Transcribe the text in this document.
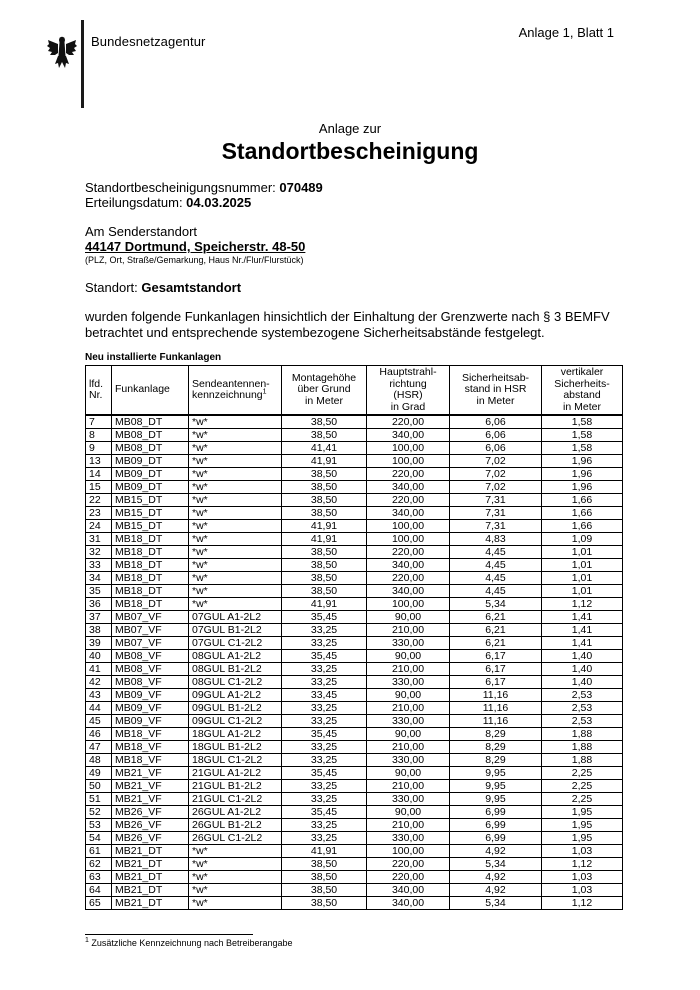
Bundesnetzagentur
Anlage 1, Blatt 1
Anlage zur
Standortbescheinigung
Standortbescheinigungsnummer: 070489
Erteilungsdatum: 04.03.2025
Am Senderstandort
44147 Dortmund, Speicherstr. 48-50
(PLZ, Ort, Straße/Gemarkung, Haus Nr./Flur/Flurstück)
Standort: Gesamtstandort
wurden folgende Funkanlagen hinsichtlich der Einhaltung der Grenzwerte nach § 3 BEMFV betrachtet und entsprechende systembezogene Sicherheitsabstände festgelegt.
Neu installierte Funkanlagen
lfd.
Nr.	Funkanlage	Sendeantennen-
kennzeichnung$^1$	Montagehöhe
über Grund
in Meter	Hauptstrahl-
richtung
(HSR)
in Grad	Sicherheitsab-
stand in HSR
in Meter	vertikaler
Sicherheits-
abstand
in Meter
7	MB08_DT	*w*	38,50	220,00	6,06	1,58
8	MB08_DT	*w*	38,50	340,00	6,06	1,58
9	MB08_DT	*w*	41,41	100,00	6,06	1,58
13	MB09_DT	*w*	41,91	100,00	7,02	1,96
14	MB09_DT	*w*	38,50	220,00	7,02	1,96
15	MB09_DT	*w*	38,50	340,00	7,02	1,96
22	MB15_DT	*w*	38,50	220,00	7,31	1,66
23	MB15_DT	*w*	38,50	340,00	7,31	1,66
24	MB15_DT	*w*	41,91	100,00	7,31	1,66
31	MB18_DT	*w*	41,91	100,00	4,83	1,09
32	MB18_DT	*w*	38,50	220,00	4,45	1,01
33	MB18_DT	*w*	38,50	340,00	4,45	1,01
34	MB18_DT	*w*	38,50	220,00	4,45	1,01
35	MB18_DT	*w*	38,50	340,00	4,45	1,01
36	MB18_DT	*w*	41,91	100,00	5,34	1,12
37	MB07_VF	07GUL A1-2L2	35,45	90,00	6,21	1,41
38	MB07_VF	07GUL B1-2L2	33,25	210,00	6,21	1,41
39	MB07_VF	07GUL C1-2L2	33,25	330,00	6,21	1,41
40	MB08_VF	08GUL A1-2L2	35,45	90,00	6,17	1,40
41	MB08_VF	08GUL B1-2L2	33,25	210,00	6,17	1,40
42	MB08_VF	08GUL C1-2L2	33,25	330,00	6,17	1,40
43	MB09_VF	09GUL A1-2L2	33,45	90,00	11,16	2,53
44	MB09_VF	09GUL B1-2L2	33,25	210,00	11,16	2,53
45	MB09_VF	09GUL C1-2L2	33,25	330,00	11,16	2,53
46	MB18_VF	18GUL A1-2L2	35,45	90,00	8,29	1,88
47	MB18_VF	18GUL B1-2L2	33,25	210,00	8,29	1,88
48	MB18_VF	18GUL C1-2L2	33,25	330,00	8,29	1,88
49	MB21_VF	21GUL A1-2L2	35,45	90,00	9,95	2,25
50	MB21_VF	21GUL B1-2L2	33,25	210,00	9,95	2,25
51	MB21_VF	21GUL C1-2L2	33,25	330,00	9,95	2,25
52	MB26_VF	26GUL A1-2L2	35,45	90,00	6,99	1,95
53	MB26_VF	26GUL B1-2L2	33,25	210,00	6,99	1,95
54	MB26_VF	26GUL C1-2L2	33,25	330,00	6,99	1,95
61	MB21_DT	*w*	41,91	100,00	4,92	1,03
62	MB21_DT	*w*	38,50	220,00	5,34	1,12
63	MB21_DT	*w*	38,50	220,00	4,92	1,03
64	MB21_DT	*w*	38,50	340,00	4,92	1,03
65	MB21_DT	*w*	38,50	340,00	5,34	1,12
$^1$ Zusätzliche Kennzeichnung nach Betreiberangabe
